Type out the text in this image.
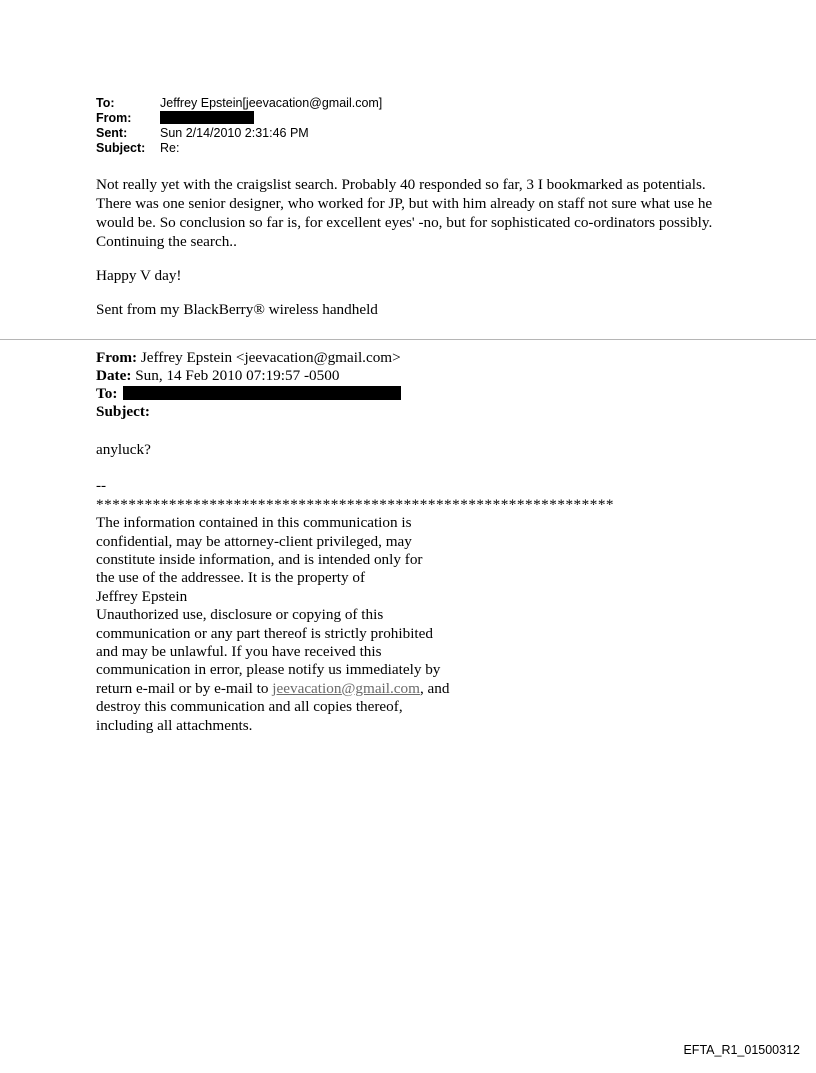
To:	Jeffrey Epstein[jeevacation@gmail.com]
From:
Sent:	Sun 2/14/2010 2:31:46 PM
Subject:	Re:

Not really yet with the craigslist search. Probably 40 responded so far, 3 I bookmarked as potentials. There was one senior designer, who worked for JP, but with him already on staff not sure what use he would be. So conclusion so far is, for excellent eyes' -no, but for sophisticated co-ordinators possibly. Continuing the search..

Happy V day!

Sent from my BlackBerry® wireless handheld

From: Jeffrey Epstein <jeevacation@gmail.com>
Date: Sun, 14 Feb 2010 07:19:57 -0500
To:
Subject:

anyluck?

--

****************************************************************

The information contained in this communication is

confidential, may be attorney-client privileged, may

constitute inside information, and is intended only for

the use of the addressee. It is the property of

Jeffrey Epstein

Unauthorized use, disclosure or copying of this

communication or any part thereof is strictly prohibited

and may be unlawful. If you have received this

communication in error, please notify us immediately by

return e-mail or by e-mail to jeevacation@gmail.com, and

destroy this communication and all copies thereof,

including all attachments.

EFTA_R1_01500312
